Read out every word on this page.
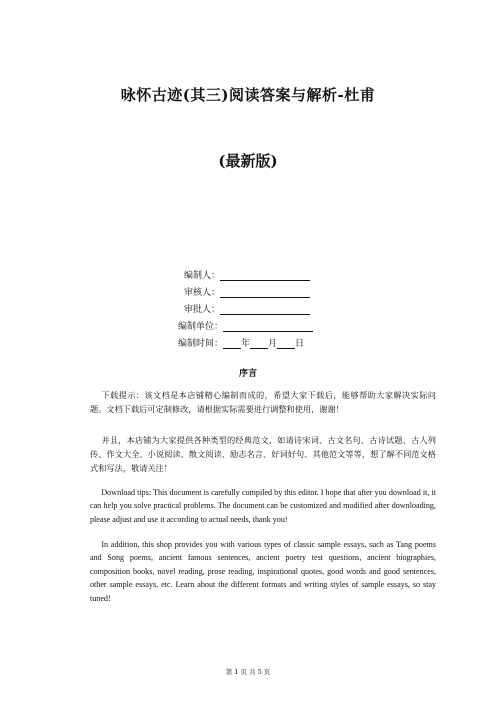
咏怀古迹(其三)阅读答案与解析-杜甫
(最新版)
编制人：
审核人：
审批人：
编制单位：
编制时间： 年 月 日
序言
下载提示：该文档是本店铺精心编制而成的，希望大家下载后，能够帮助大家解决实际问题。文档下载后可定制修改，请根据实际需要进行调整和使用，谢谢！
并且，本店铺为大家提供各种类型的经典范文，如请诗宋词、古文名句、古诗试题、古人列传、作文大全、小说阅读、散文阅读、励志名言、好词好句、其他范文等等，想了解不同范文格式和写法，敬请关注！
Download tips: This document is carefully compiled by this editor. I hope that after you download it, it can help you solve practical problems. The document can be customized and modified after downloading, please adjust and use it according to actual needs, thank you!
In addition, this shop provides you with various types of classic sample essays, such as Tang poems and Song poems, ancient famous sentences, ancient poetry test questions, ancient biographies, composition books, novel reading, prose reading, inspirational quotes, good words and good sentences, other sample essays, etc. Learn about the different formats and writing styles of sample essays, so stay tuned!
第 1 页 共 5 页
